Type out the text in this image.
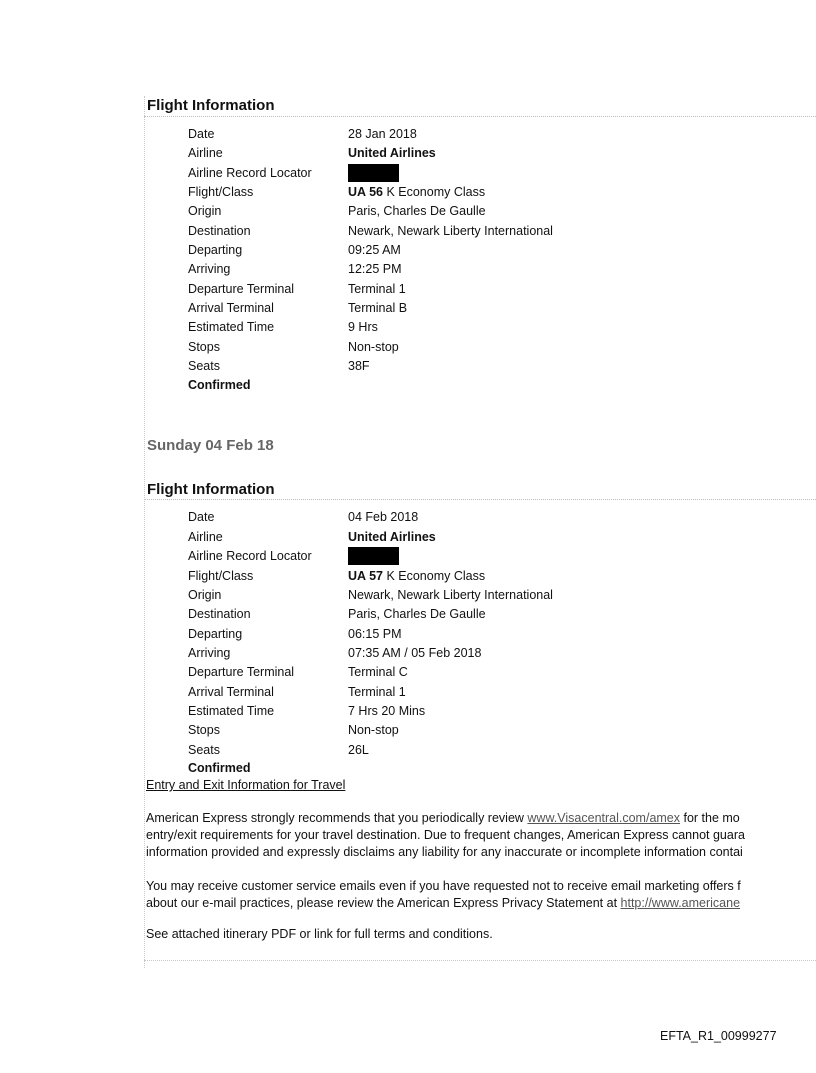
Flight Information
Date	28 Jan 2018
Airline	United Airlines
Airline Record Locator
Flight/Class	UA 56 K Economy Class
Origin	Paris, Charles De Gaulle
Destination	Newark, Newark Liberty International
Departing	09:25 AM
Arriving	12:25 PM
Departure Terminal	Terminal 1
Arrival Terminal	Terminal B
Estimated Time	9 Hrs
Stops	Non-stop
Seats	38F
Confirmed
Sunday 04 Feb 18
Flight Information
Date	04 Feb 2018
Airline	United Airlines
Airline Record Locator
Flight/Class	UA 57 K Economy Class
Origin	Newark, Newark Liberty International
Destination	Paris, Charles De Gaulle
Departing	06:15 PM
Arriving	07:35 AM / 05 Feb 2018
Departure Terminal	Terminal C
Arrival Terminal	Terminal 1
Estimated Time	7 Hrs 20 Mins
Stops	Non-stop
Seats	26L
Confirmed
Entry and Exit Information for Travel
American Express strongly recommends that you periodically review www.Visacentral.com/amex for the mo
entry/exit requirements for your travel destination. Due to frequent changes, American Express cannot guara
information provided and expressly disclaims any liability for any inaccurate or incomplete information contai
You may receive customer service emails even if you have requested not to receive email marketing offers f
about our e-mail practices, please review the American Express Privacy Statement at http://www.americane
See attached itinerary PDF or link for full terms and conditions.
EFTA_R1_00999277
